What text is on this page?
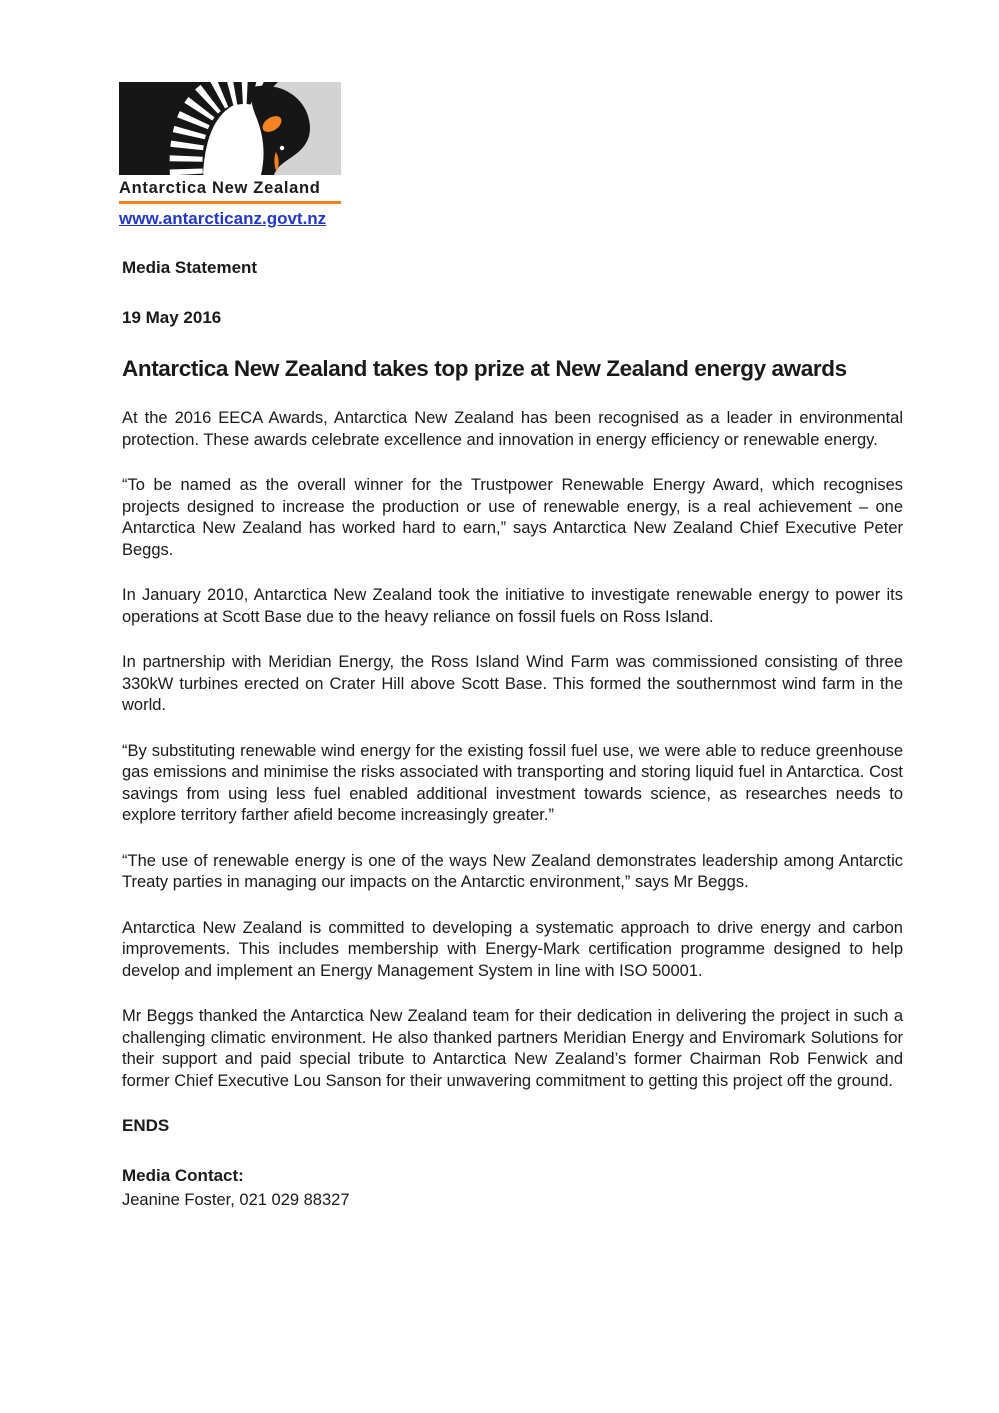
Antarctica New Zealand
www.antarcticanz.govt.nz
Media Statement
19 May 2016
Antarctica New Zealand takes top prize at New Zealand energy awards

At the 2016 EECA Awards, Antarctica New Zealand has been recognised as a leader in environmental protection. These awards celebrate excellence and innovation in energy efficiency or renewable energy.

“To be named as the overall winner for the Trustpower Renewable Energy Award, which recognises projects designed to increase the production or use of renewable energy, is a real achievement – one Antarctica New Zealand has worked hard to earn,” says Antarctica New Zealand Chief Executive Peter Beggs.

In January 2010, Antarctica New Zealand took the initiative to investigate renewable energy to power its operations at Scott Base due to the heavy reliance on fossil fuels on Ross Island.

In partnership with Meridian Energy, the Ross Island Wind Farm was commissioned consisting of three 330kW turbines erected on Crater Hill above Scott Base. This formed the southernmost wind farm in the world.

“By substituting renewable wind energy for the existing fossil fuel use, we were able to reduce greenhouse gas emissions and minimise the risks associated with transporting and storing liquid fuel in Antarctica. Cost savings from using less fuel enabled additional investment towards science, as researches needs to explore territory farther afield become increasingly greater.”

“The use of renewable energy is one of the ways New Zealand demonstrates leadership among Antarctic Treaty parties in managing our impacts on the Antarctic environment,” says Mr Beggs.

Antarctica New Zealand is committed to developing a systematic approach to drive energy and carbon improvements. This includes membership with Energy-Mark certification programme designed to help develop and implement an Energy Management System in line with ISO 50001.

Mr Beggs thanked the Antarctica New Zealand team for their dedication in delivering the project in such a challenging climatic environment. He also thanked partners Meridian Energy and Enviromark Solutions for their support and paid special tribute to Antarctica New Zealand’s former Chairman Rob Fenwick and former Chief Executive Lou Sanson for their unwavering commitment to getting this project off the ground.

ENDS
Media Contact:
Jeanine Foster, 021 029 88327
